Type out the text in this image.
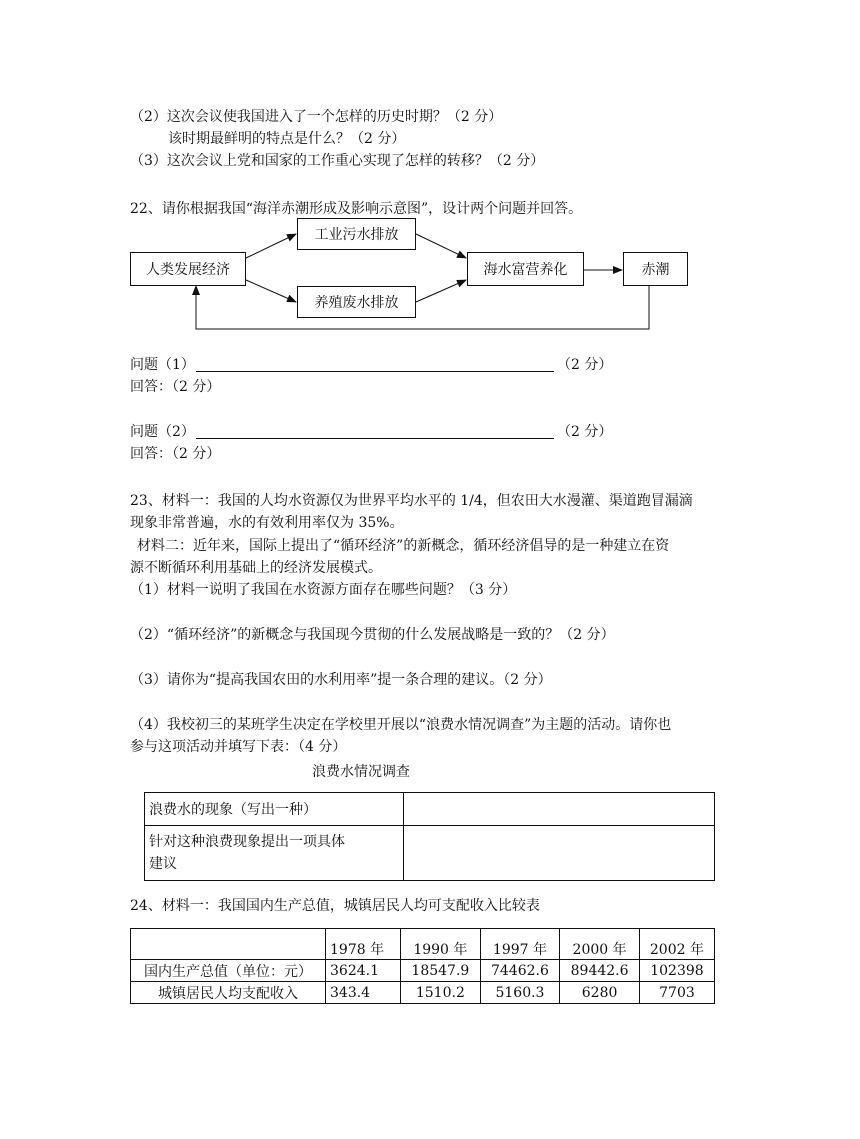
（2）这次会议使我国进入了一个怎样的历史时期？（2 分）
该时期最鲜明的特点是什么？（2 分）
（3）这次会议上党和国家的工作重心实现了怎样的转移？（2 分）
22、请你根据我国“海洋赤潮形成及影响示意图”，设计两个问题并回答。
人类发展经济
工业污水排放
养殖废水排放
海水富营养化	赤潮
问题（1）	（2 分）
回答：（2 分）
问题（2）	（2 分）
回答：（2 分）
23、材料一：我国的人均水资源仅为世界平均水平的 1/4，但农田大水漫灌、渠道跑冒漏滴
现象非常普遍，水的有效利用率仅为 35%。
材料二：近年来，国际上提出了“循环经济”的新概念，循环经济倡导的是一种建立在资
源不断循环利用基础上的经济发展模式。
（1）材料一说明了我国在水资源方面存在哪些问题？（3 分）
（2）“循环经济”的新概念与我国现今贯彻的什么发展战略是一致的？（2 分）
（3）请你为“提高我国农田的水利用率”提一条合理的建议。（2 分）
（4）我校初三的某班学生决定在学校里开展以“浪费水情况调查”为主题的活动。请你也
参与这项活动并填写下表：（4 分）
浪费水情况调查
浪费水的现象（写出一种）	

针对这种浪费现象提出一项具体
建议	

24、材料一：我国国内生产总值，城镇居民人均可支配收入比较表
	1978 年	1990 年	1997 年	2000 年	2002 年
国内生产总值（单位：元）	3624.1	18547.9	74462.6	89442.6	102398
城镇居民人均支配收入	343.4	1510.2	5160.3	6280	7703
